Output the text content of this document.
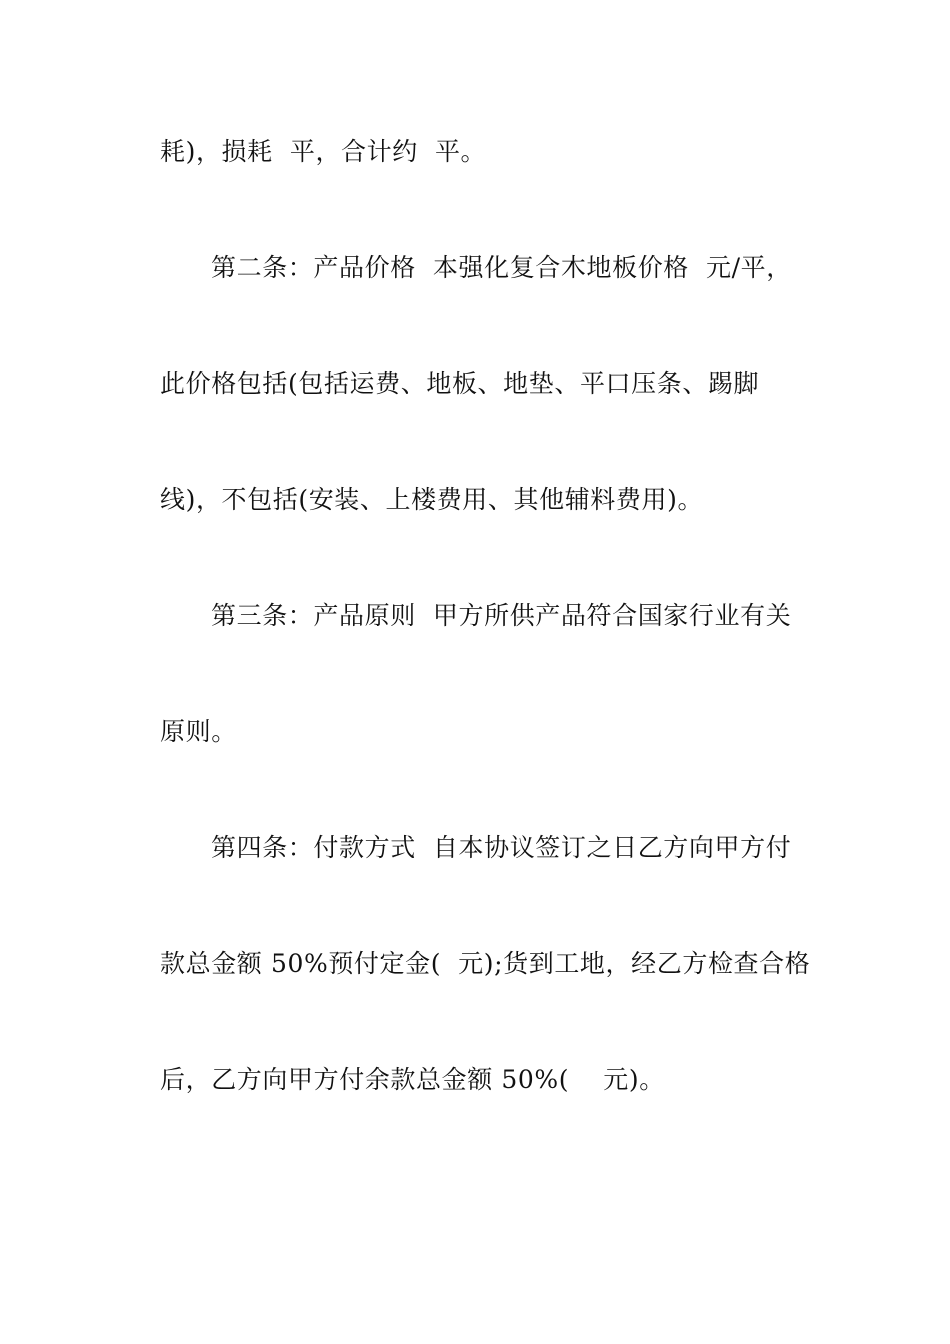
耗)，损耗  平，合计约  平。
第二条：产品价格  本强化复合木地板价格  元/平，
此价格包括(包括运费、地板、地垫、平口压条、踢脚
线)，不包括(安装、上楼费用、其他辅料费用)。
第三条：产品原则  甲方所供产品符合国家行业有关
原则。
第四条：付款方式  自本协议签订之日乙方向甲方付
款总金额 50%预付定金(  元);货到工地，经乙方检查合格
后，乙方向甲方付余款总金额 50%(    元)。
